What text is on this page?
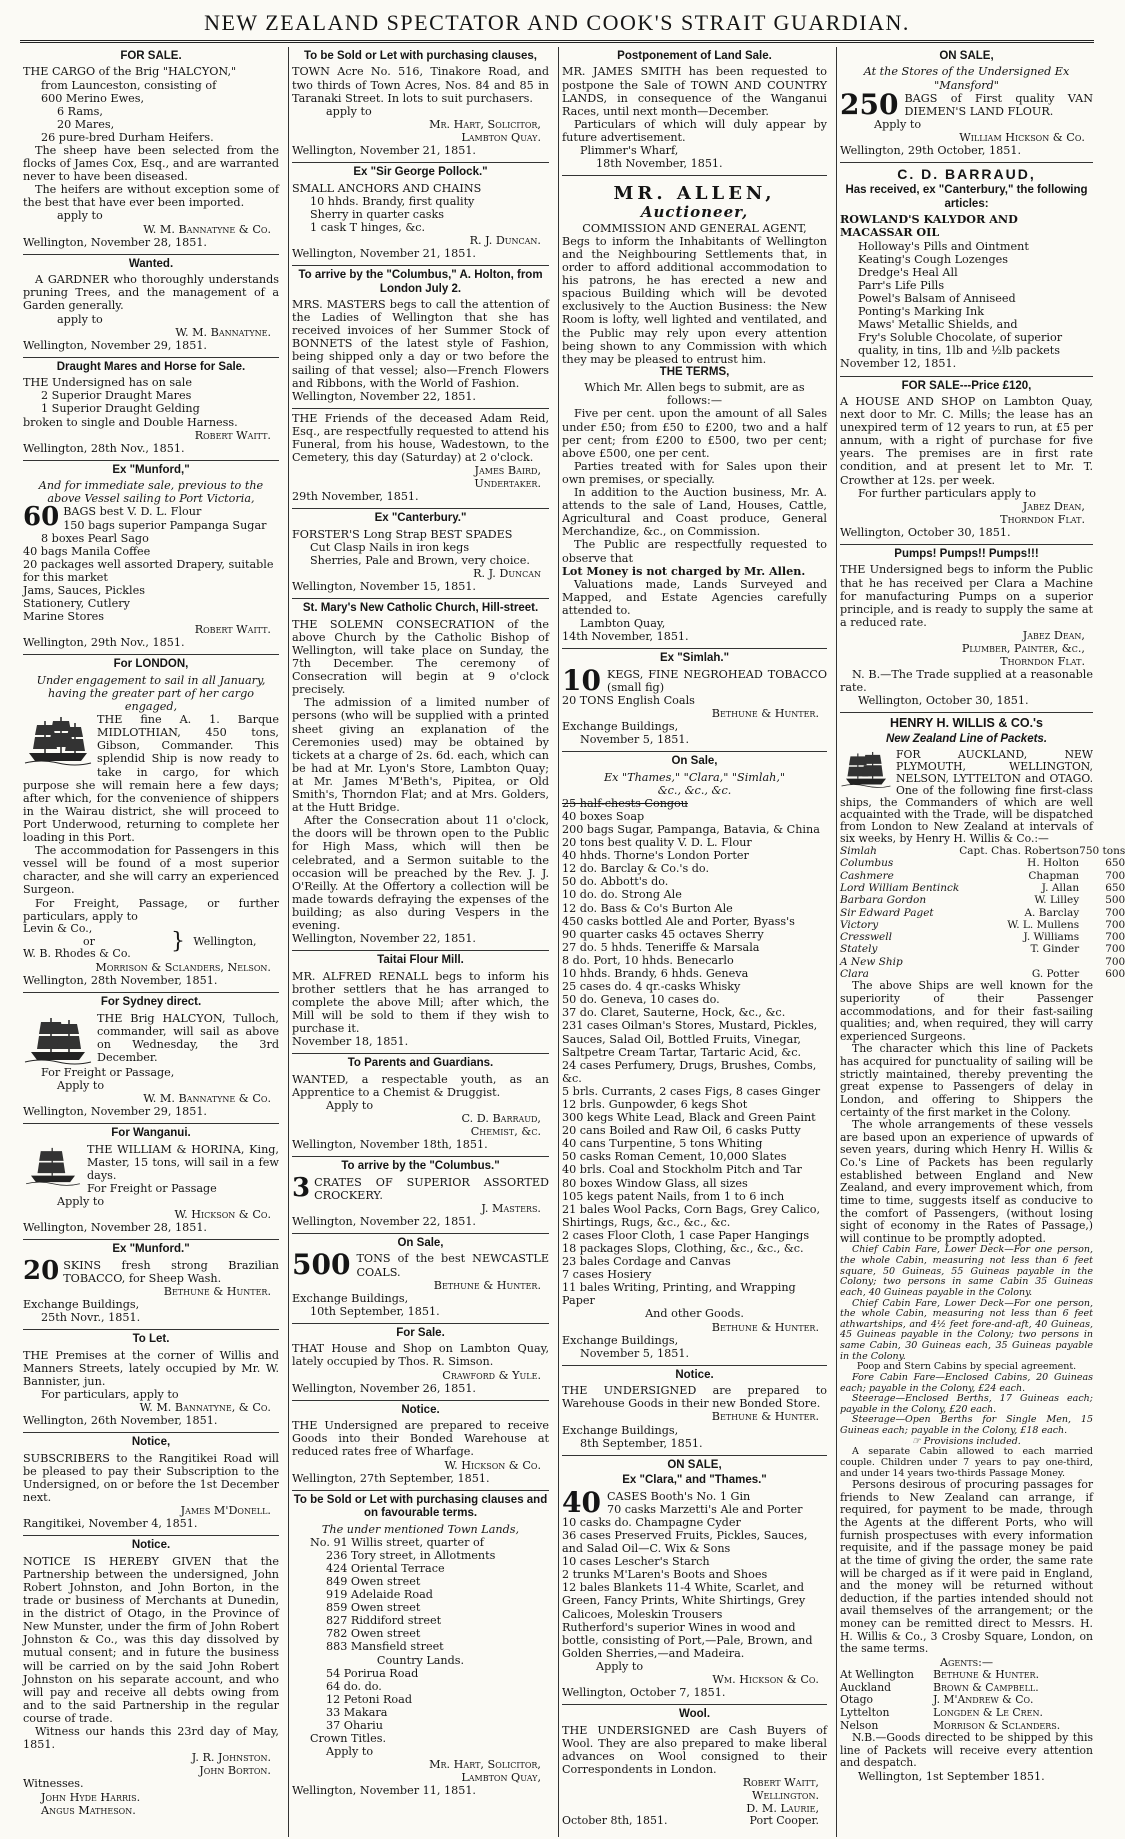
NEW ZEALAND SPECTATOR AND COOK'S STRAIT GUARDIAN.
FOR SALE.

THE CARGO of the Brig "HALCYON,"

from Launceston, consisting of

600 Merino Ewes,

6 Rams,

20 Mares,

26 pure-bred Durham Heifers.

The sheep have been selected from the flocks of James Cox, Esq., and are warranted never to have been diseased.

The heifers are without exception some of the best that have ever been imported.

apply to

W. M. Bannatyne & Co.

Wellington, November 28, 1851.

Wanted.

A GARDNER who thoroughly understands pruning Trees, and the management of a Garden generally.

apply to

W. M. Bannatyne.

Wellington, November 29, 1851.

Draught Mares and Horse for Sale.

THE Undersigned has on sale

2 Superior Draught Mares

1 Superior Draught Gelding

broken to single and Double Harness.

Robert Waitt.

Wellington, 28th Nov., 1851.

Ex "Munford,"
And for immediate sale, previous to the above Vessel sailing to Port Victoria,
60 BAGS best V. D. L. Flour

150 bags superior Pampanga Sugar

8 boxes Pearl Sago

40 bags Manila Coffee

20 packages well assorted Drapery, suitable for this market

Jams, Sauces, Pickles

Stationery, Cutlery

Marine Stores

Robert Waitt.

Wellington, 29th Nov., 1851.

For LONDON,
Under engagement to sail in all January, having the greater part of her cargo engaged,

THE fine A. 1. Barque MIDLOTHIAN, 450 tons, Gibson, Commander. This splendid Ship is now ready to take in cargo, for which purpose she will remain here a few days; after which, for the convenience of shippers in the Wairau district, she will proceed to Port Underwood, returning to complete her loading in this Port.

The accommodation for Passengers in this vessel will be found of a most superior character, and she will carry an experienced Surgeon.

For Freight, Passage, or further particulars, apply to

Levin & Co.,	}	Wellington,
or
W. B. Rhodes & Co.

Morrison & Sclanders, Nelson.

Wellington, 28th November, 1851.

For Sydney direct.

THE Brig HALCYON, Tulloch, commander, will sail as above on Wednesday, the 3rd December.

For Freight or Passage,

Apply to

W. M. Bannatyne & Co.

Wellington, November 29, 1851.

For Wanganui.

THE WILLIAM & HORINA, King, Master, 15 tons, will sail in a few days.

For Freight or Passage

Apply to

W. Hickson & Co.

Wellington, November 28, 1851.

Ex "Munford."
20 SKINS fresh strong Brazilian TOBACCO, for Sheep Wash.

Bethune & Hunter.

Exchange Buildings,

25th Novr., 1851.

To Let.

THE Premises at the corner of Willis and Manners Streets, lately occupied by Mr. W. Bannister, jun.

For particulars, apply to

W. M. Bannatyne, & Co.

Wellington, 26th November, 1851.

Notice,

SUBSCRIBERS to the Rangitikei Road will be pleased to pay their Subscription to the Undersigned, on or before the 1st December next.

James M'Donell.

Rangitikei, November 4, 1851.

Notice.

NOTICE IS HEREBY GIVEN that the Partnership between the undersigned, John Robert Johnston, and John Borton, in the trade or business of Merchants at Dunedin, in the district of Otago, in the Province of New Munster, under the firm of John Robert Johnston & Co., was this day dissolved by mutual consent; and in future the business will be carried on by the said John Robert Johnston on his separate account, and who will pay and receive all debts owing from and to the said Partnership in the regular course of trade.

Witness our hands this 23rd day of May, 1851.

J. R. Johnston.

John Borton.

Witnesses.

John Hyde Harris.

Angus Matheson.

To be Sold or Let with purchasing clauses,

TOWN Acre No. 516, Tinakore Road, and two thirds of Town Acres, Nos. 84 and 85 in Taranaki Street. In lots to suit purchasers.

apply to

Mr. Hart, Solicitor,

Lambton Quay.

Wellington, November 21, 1851.

Ex "Sir George Pollock."

SMALL ANCHORS AND CHAINS

10 hhds. Brandy, first quality

Sherry in quarter casks

1 cask T hinges, &c.

R. J. Duncan.

Wellington, November 21, 1851.

To arrive by the "Columbus," A. Holton, from London July 2.

MRS. MASTERS begs to call the attention of the Ladies of Wellington that she has received invoices of her Summer Stock of BONNETS of the latest style of Fashion, being shipped only a day or two before the sailing of that vessel; also—French Flowers and Ribbons, with the World of Fashion.

Wellington, November 22, 1851.

THE Friends of the deceased Adam Reid, Esq., are respectfully requested to attend his Funeral, from his house, Wadestown, to the Cemetery, this day (Saturday) at 2 o'clock.

James Baird,

Undertaker.

29th November, 1851.

Ex "Canterbury."

FORSTER'S Long Strap BEST SPADES

Cut Clasp Nails in iron kegs

Sherries, Pale and Brown, very choice.

R. J. Duncan

Wellington, November 15, 1851.

St. Mary's New Catholic Church, Hill-street.

THE SOLEMN CONSECRATION of the above Church by the Catholic Bishop of Wellington, will take place on Sunday, the 7th December. The ceremony of Consecration will begin at 9 o'clock precisely.

The admission of a limited number of persons (who will be supplied with a printed sheet giving an explanation of the Ceremonies used) may be obtained by tickets at a charge of 2s. 6d. each, which can be had at Mr. Lyon's Store, Lambton Quay; at Mr. James M'Beth's, Pipitea, or Old Smith's, Thorndon Flat; and at Mrs. Golders, at the Hutt Bridge.

After the Consecration about 11 o'clock, the doors will be thrown open to the Public for High Mass, which will then be celebrated, and a Sermon suitable to the occasion will be preached by the Rev. J. J. O'Reilly. At the Offertory a collection will be made towards defraying the expenses of the building; as also during Vespers in the evening.

Wellington, November 22, 1851.

Taitai Flour Mill.

MR. ALFRED RENALL begs to inform his brother settlers that he has arranged to complete the above Mill; after which, the Mill will be sold to them if they wish to purchase it.

November 18, 1851.

To Parents and Guardians.

WANTED, a respectable youth, as an Apprentice to a Chemist & Druggist.

Apply to

C. D. Barraud,

Chemist, &c.

Wellington, November 18th, 1851.

To arrive by the "Columbus."
3 CRATES OF SUPERIOR ASSORTED CROCKERY.

J. Masters.

Wellington, November 22, 1851.

On Sale,
500 TONS of the best NEWCASTLE COALS.

Bethune & Hunter.

Exchange Buildings,

10th September, 1851.

For Sale.

THAT House and Shop on Lambton Quay, lately occupied by Thos. R. Simson.

Crawford & Yule.

Wellington, November 26, 1851.

Notice.

THE Undersigned are prepared to receive Goods into their Bonded Warehouse at reduced rates free of Wharfage.

W. Hickson & Co.

Wellington, 27th September, 1851.

To be Sold or Let with purchasing clauses and on favourable terms.
The under mentioned Town Lands,

No. 91 Willis street, quarter of

236 Tory street, in Allotments

424 Oriental Terrace

849 Owen street

919 Adelaide Road

859 Owen street

827 Riddiford street

782 Owen street

883 Mansfield street

Country Lands.

54 Porirua Road

64 do. do.

12 Petoni Road

33 Makara

37 Ohariu

Crown Titles.

Apply to

Mr. Hart, Solicitor,

Lambton Quay,

Wellington, November 11, 1851.

Postponement of Land Sale.

MR. JAMES SMITH has been requested to postpone the Sale of TOWN AND COUNTRY LANDS, in consequence of the Wanganui Races, until next month—December.

Particulars of which will duly appear by future advertisement.

Plimmer's Wharf,

18th November, 1851.

MR. ALLEN,
Auctioneer,
COMMISSION AND GENERAL AGENT,

Begs to inform the Inhabitants of Wellington and the Neighbouring Settlements that, in order to afford additional accommodation to his patrons, he has erected a new and spacious Building which will be devoted exclusively to the Auction Business: the New Room is lofty, well lighted and ventilated, and the Public may rely upon every attention being shown to any Commission with which they may be pleased to entrust him.

THE TERMS,

Which Mr. Allen begs to submit, are as follows:—

Five per cent. upon the amount of all Sales under £50; from £50 to £200, two and a half per cent; from £200 to £500, two per cent; above £500, one per cent.

Parties treated with for Sales upon their own premises, or specially.

In addition to the Auction business, Mr. A. attends to the sale of Land, Houses, Cattle, Agricultural and Coast produce, General Merchandize, &c., on Commission.

The Public are respectfully requested to observe that

Lot Money is not charged by Mr. Allen.

Valuations made, Lands Surveyed and Mapped, and Estate Agencies carefully attended to.

Lambton Quay,

14th November, 1851.

Ex "Simlah."
10 KEGS, FINE NEGROHEAD TOBACCO (small fig)

20 TONS English Coals

Bethune & Hunter.

Exchange Buildings,

November 5, 1851.

On Sale,
Ex "Thames," "Clara," "Simlah,"
&c., &c., &c.

25 half-chests Congou

40 boxes Soap

200 bags Sugar, Pampanga, Batavia, & China

20 tons best quality V. D. L. Flour

40 hhds. Thorne's London Porter

12 do. Barclay & Co.'s do.

50 do. Abbott's do.

10 do. do. Strong Ale

12 do. Bass & Co's Burton Ale

450 casks bottled Ale and Porter, Byass's

90 quarter casks 45 octaves Sherry

27 do. 5 hhds. Teneriffe & Marsala

8 do. Port, 10 hhds. Benecarlo

10 hhds. Brandy, 6 hhds. Geneva

25 cases do. 4 qr.-casks Whisky

50 do. Geneva, 10 cases do.

37 do. Claret, Sauterne, Hock, &c., &c.

231 cases Oilman's Stores, Mustard, Pickles, Sauces, Salad Oil, Bottled Fruits, Vinegar, Saltpetre Cream Tartar, Tartaric Acid, &c.

24 cases Perfumery, Drugs, Brushes, Combs, &c.

5 brls. Currants, 2 cases Figs, 8 cases Ginger

12 brls. Gunpowder, 6 kegs Shot

300 kegs White Lead, Black and Green Paint

20 cans Boiled and Raw Oil, 6 casks Putty

40 cans Turpentine, 5 tons Whiting

50 casks Roman Cement, 10,000 Slates

40 brls. Coal and Stockholm Pitch and Tar

80 boxes Window Glass, all sizes

105 kegs patent Nails, from 1 to 6 inch

21 bales Wool Packs, Corn Bags, Grey Calico, Shirtings, Rugs, &c., &c., &c.

2 cases Floor Cloth, 1 case Paper Hangings

18 packages Slops, Clothing, &c., &c., &c.

23 bales Cordage and Canvas

7 cases Hosiery

11 bales Writing, Printing, and Wrapping Paper

And other Goods.

Bethune & Hunter.

Exchange Buildings,

November 5, 1851.

Notice.

THE UNDERSIGNED are prepared to Warehouse Goods in their new Bonded Store.

Bethune & Hunter.

Exchange Buildings,

8th September, 1851.

ON SALE,
Ex "Clara," and "Thames."
40 CASES Booth's No. 1 Gin

70 casks Marzetti's Ale and Porter

10 casks do. Champagne Cyder

36 cases Preserved Fruits, Pickles, Sauces, and Salad Oil—C. Wix & Sons

10 cases Lescher's Starch

2 trunks M'Laren's Boots and Shoes

12 bales Blankets 11-4 White, Scarlet, and Green, Fancy Prints, White Shirtings, Grey Calicoes, Moleskin Trousers

Rutherford's superior Wines in wood and bottle, consisting of Port,—Pale, Brown, and Golden Sherries,—and Madeira.

Apply to

Wm. Hickson & Co.

Wellington, October 7, 1851.

Wool.

THE UNDERSIGNED are Cash Buyers of Wool. They are also prepared to make liberal advances on Wool consigned to their Correspondents in London.

Robert Waitt,

Wellington.

D. M. Laurie,

October 8th, 1851.	Port Cooper.
ON SALE,
At the Stores of the Undersigned Ex "Mansford"
250 BAGS of First quality VAN DIEMEN'S LAND FLOUR.

Apply to

William Hickson & Co.

Wellington, 29th October, 1851.

C. D. BARRAUD,
Has received, ex "Canterbury," the following articles:

ROWLAND'S KALYDOR AND MACASSAR OIL

Holloway's Pills and Ointment

Keating's Cough Lozenges

Dredge's Heal All

Parr's Life Pills

Powel's Balsam of Anniseed

Ponting's Marking Ink

Maws' Metallic Shields, and

Fry's Soluble Chocolate, of superior quality, in tins, 1lb and ½lb packets

November 12, 1851.

FOR SALE---Price £120,

A HOUSE AND SHOP on Lambton Quay, next door to Mr. C. Mills; the lease has an unexpired term of 12 years to run, at £5 per annum, with a right of purchase for five years. The premises are in first rate condition, and at present let to Mr. T. Crowther at 12s. per week.

For further particulars apply to

Jabez Dean,

Thorndon Flat.

Wellington, October 30, 1851.

Pumps! Pumps!! Pumps!!!

THE Undersigned begs to inform the Public that he has received per Clara a Machine for manufacturing Pumps on a superior principle, and is ready to supply the same at a reduced rate.

Jabez Dean,

Plumber, Painter, &c.,

Thorndon Flat.

N. B.—The Trade supplied at a reasonable rate.

Wellington, October 30, 1851.

HENRY H. WILLIS & CO.'s
New Zealand Line of Packets.

FOR AUCKLAND, NEW PLYMOUTH, WELLINGTON, NELSON, LYTTELTON and OTAGO. One of the following fine first-class ships, the Commanders of which are well acquainted with the Trade, will be dispatched from London to New Zealand at intervals of six weeks, by Henry H. Willis & Co.:—

Simlah	Capt. Chas. Robertson	750 tons
Columbus	H. Holton	650
Cashmere	Chapman	700
Lord William Bentinck	J. Allan	650
Barbara Gordon	W. Lilley	500
Sir Edward Paget	A. Barclay	700
Victory	W. L. Mullens	700
Cresswell	J. Williams	700
Stately	T. Ginder	700
A New Ship		700
Clara	G. Potter	600

The above Ships are well known for the superiority of their Passenger accommodations, and for their fast-sailing qualities; and, when required, they will carry experienced Surgeons.

The character which this line of Packets has acquired for punctuality of sailing will be strictly maintained, thereby preventing the great expense to Passengers of delay in London, and offering to Shippers the certainty of the first market in the Colony.

The whole arrangements of these vessels are based upon an experience of upwards of seven years, during which Henry H. Willis & Co.'s Line of Packets has been regularly established between England and New Zealand, and every improvement which, from time to time, suggests itself as conducive to the comfort of Passengers, (without losing sight of economy in the Rates of Passage,) will continue to be promptly adopted.

Chief Cabin Fare, Lower Deck—For one person, the whole Cabin, measuring not less than 6 feet square, 50 Guineas, 55 Guineas payable in the Colony; two persons in same Cabin 35 Guineas each, 40 Guineas payable in the Colony.

Chief Cabin Fare, Lower Deck—For one person, the whole Cabin, measuring not less than 6 feet athwartships, and 4½ feet fore-and-aft, 40 Guineas, 45 Guineas payable in the Colony; two persons in same Cabin, 30 Guineas each, 35 Guineas payable in the Colony.

Poop and Stern Cabins by special agreement.

Fore Cabin Fare—Enclosed Cabins, 20 Guineas each; payable in the Colony, £24 each.

Steerage—Enclosed Berths, 17 Guineas each; payable in the Colony, £20 each.

Steerage—Open Berths for Single Men, 15 Guineas each; payable in the Colony, £18 each.

☞ Provisions included.

A separate Cabin allowed to each married couple. Children under 7 years to pay one-third, and under 14 years two-thirds Passage Money.

Persons desirous of procuring passages for friends to New Zealand can arrange, if required, for payment to be made, through the Agents at the different Ports, who will furnish prospectuses with every information requisite, and if the passage money be paid at the time of giving the order, the same rate will be charged as if it were paid in England, and the money will be returned without deduction, if the parties intended should not avail themselves of the arrangement; or the money can be remitted direct to Messrs. H. H. Willis & Co., 3 Crosby Square, London, on the same terms.

Agents:—

At Wellington	Bethune & Hunter.
Auckland	Brown & Campbell.
Otago	J. M'Andrew & Co.
Lyttelton	Longden & Le Cren.
Nelson	Morrison & Sclanders.

N.B.—Goods directed to be shipped by this line of Packets will receive every attention and despatch.

Wellington, 1st September 1851.
